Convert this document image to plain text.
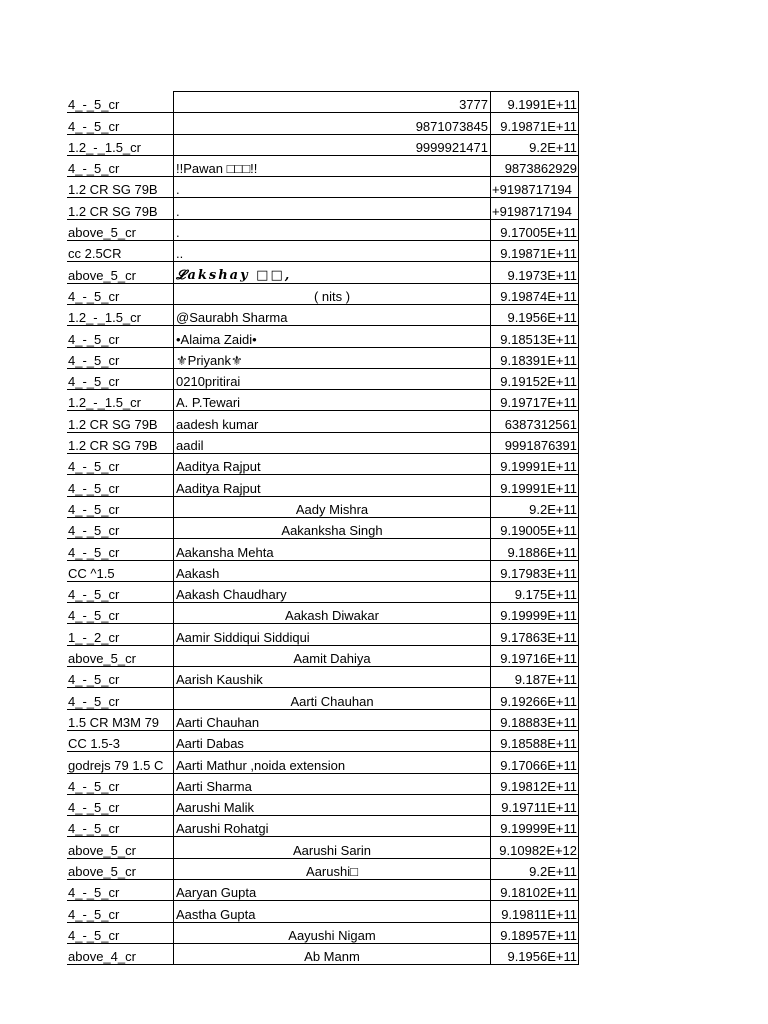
4_-_5_cr	3777	9.1991E+11
4_-_5_cr	9871073845	9.19871E+11
1.2_-_1.5_cr	9999921471	9.2E+11
4_-_5_cr	!!Pawan □□□!!	9873862929
1.2 CR SG 79B	.	+9198717194
1.2 CR SG 79B	.	+9198717194
above_5_cr	.	9.17005E+11
cc 2.5CR	..	9.19871E+11
above_5_cr	𝓛𝒂𝒌𝒔𝒉𝒂𝒚 □□,	9.1973E+11
4_-_5_cr	( nits )	9.19874E+11
1.2_-_1.5_cr	@Saurabh Sharma	9.1956E+11
4_-_5_cr	•Alaima Zaidi•	9.18513E+11
4_-_5_cr	⚜Priyank⚜	9.18391E+11
4_-_5_cr	0210pritirai	9.19152E+11
1.2_-_1.5_cr	A. P.Tewari	9.19717E+11
1.2 CR SG 79B	aadesh kumar	6387312561
1.2 CR SG 79B	aadil	9991876391
4_-_5_cr	Aaditya Rajput	9.19991E+11
4_-_5_cr	Aaditya Rajput	9.19991E+11
4_-_5_cr	Aady Mishra	9.2E+11
4_-_5_cr	Aakanksha Singh	9.19005E+11
4_-_5_cr	Aakansha Mehta	9.1886E+11
CC ^1.5	Aakash	9.17983E+11
4_-_5_cr	Aakash Chaudhary	9.175E+11
4_-_5_cr	Aakash Diwakar	9.19999E+11
1_-_2_cr	Aamir Siddiqui Siddiqui	9.17863E+11
above_5_cr	Aamit Dahiya	9.19716E+11
4_-_5_cr	Aarish Kaushik	9.187E+11
4_-_5_cr	Aarti Chauhan	9.19266E+11
1.5 CR M3M 79	Aarti Chauhan	9.18883E+11
CC 1.5-3	Aarti Dabas	9.18588E+11
godrejs 79 1.5 C	Aarti Mathur ,noida extension	9.17066E+11
4_-_5_cr	Aarti Sharma	9.19812E+11
4_-_5_cr	Aarushi Malik	9.19711E+11
4_-_5_cr	Aarushi Rohatgi	9.19999E+11
above_5_cr	Aarushi Sarin	9.10982E+12
above_5_cr	Aarushi□	9.2E+11
4_-_5_cr	Aaryan Gupta	9.18102E+11
4_-_5_cr	Aastha Gupta	9.19811E+11
4_-_5_cr	Aayushi Nigam	9.18957E+11
above_4_cr	Ab Manm	9.1956E+11
